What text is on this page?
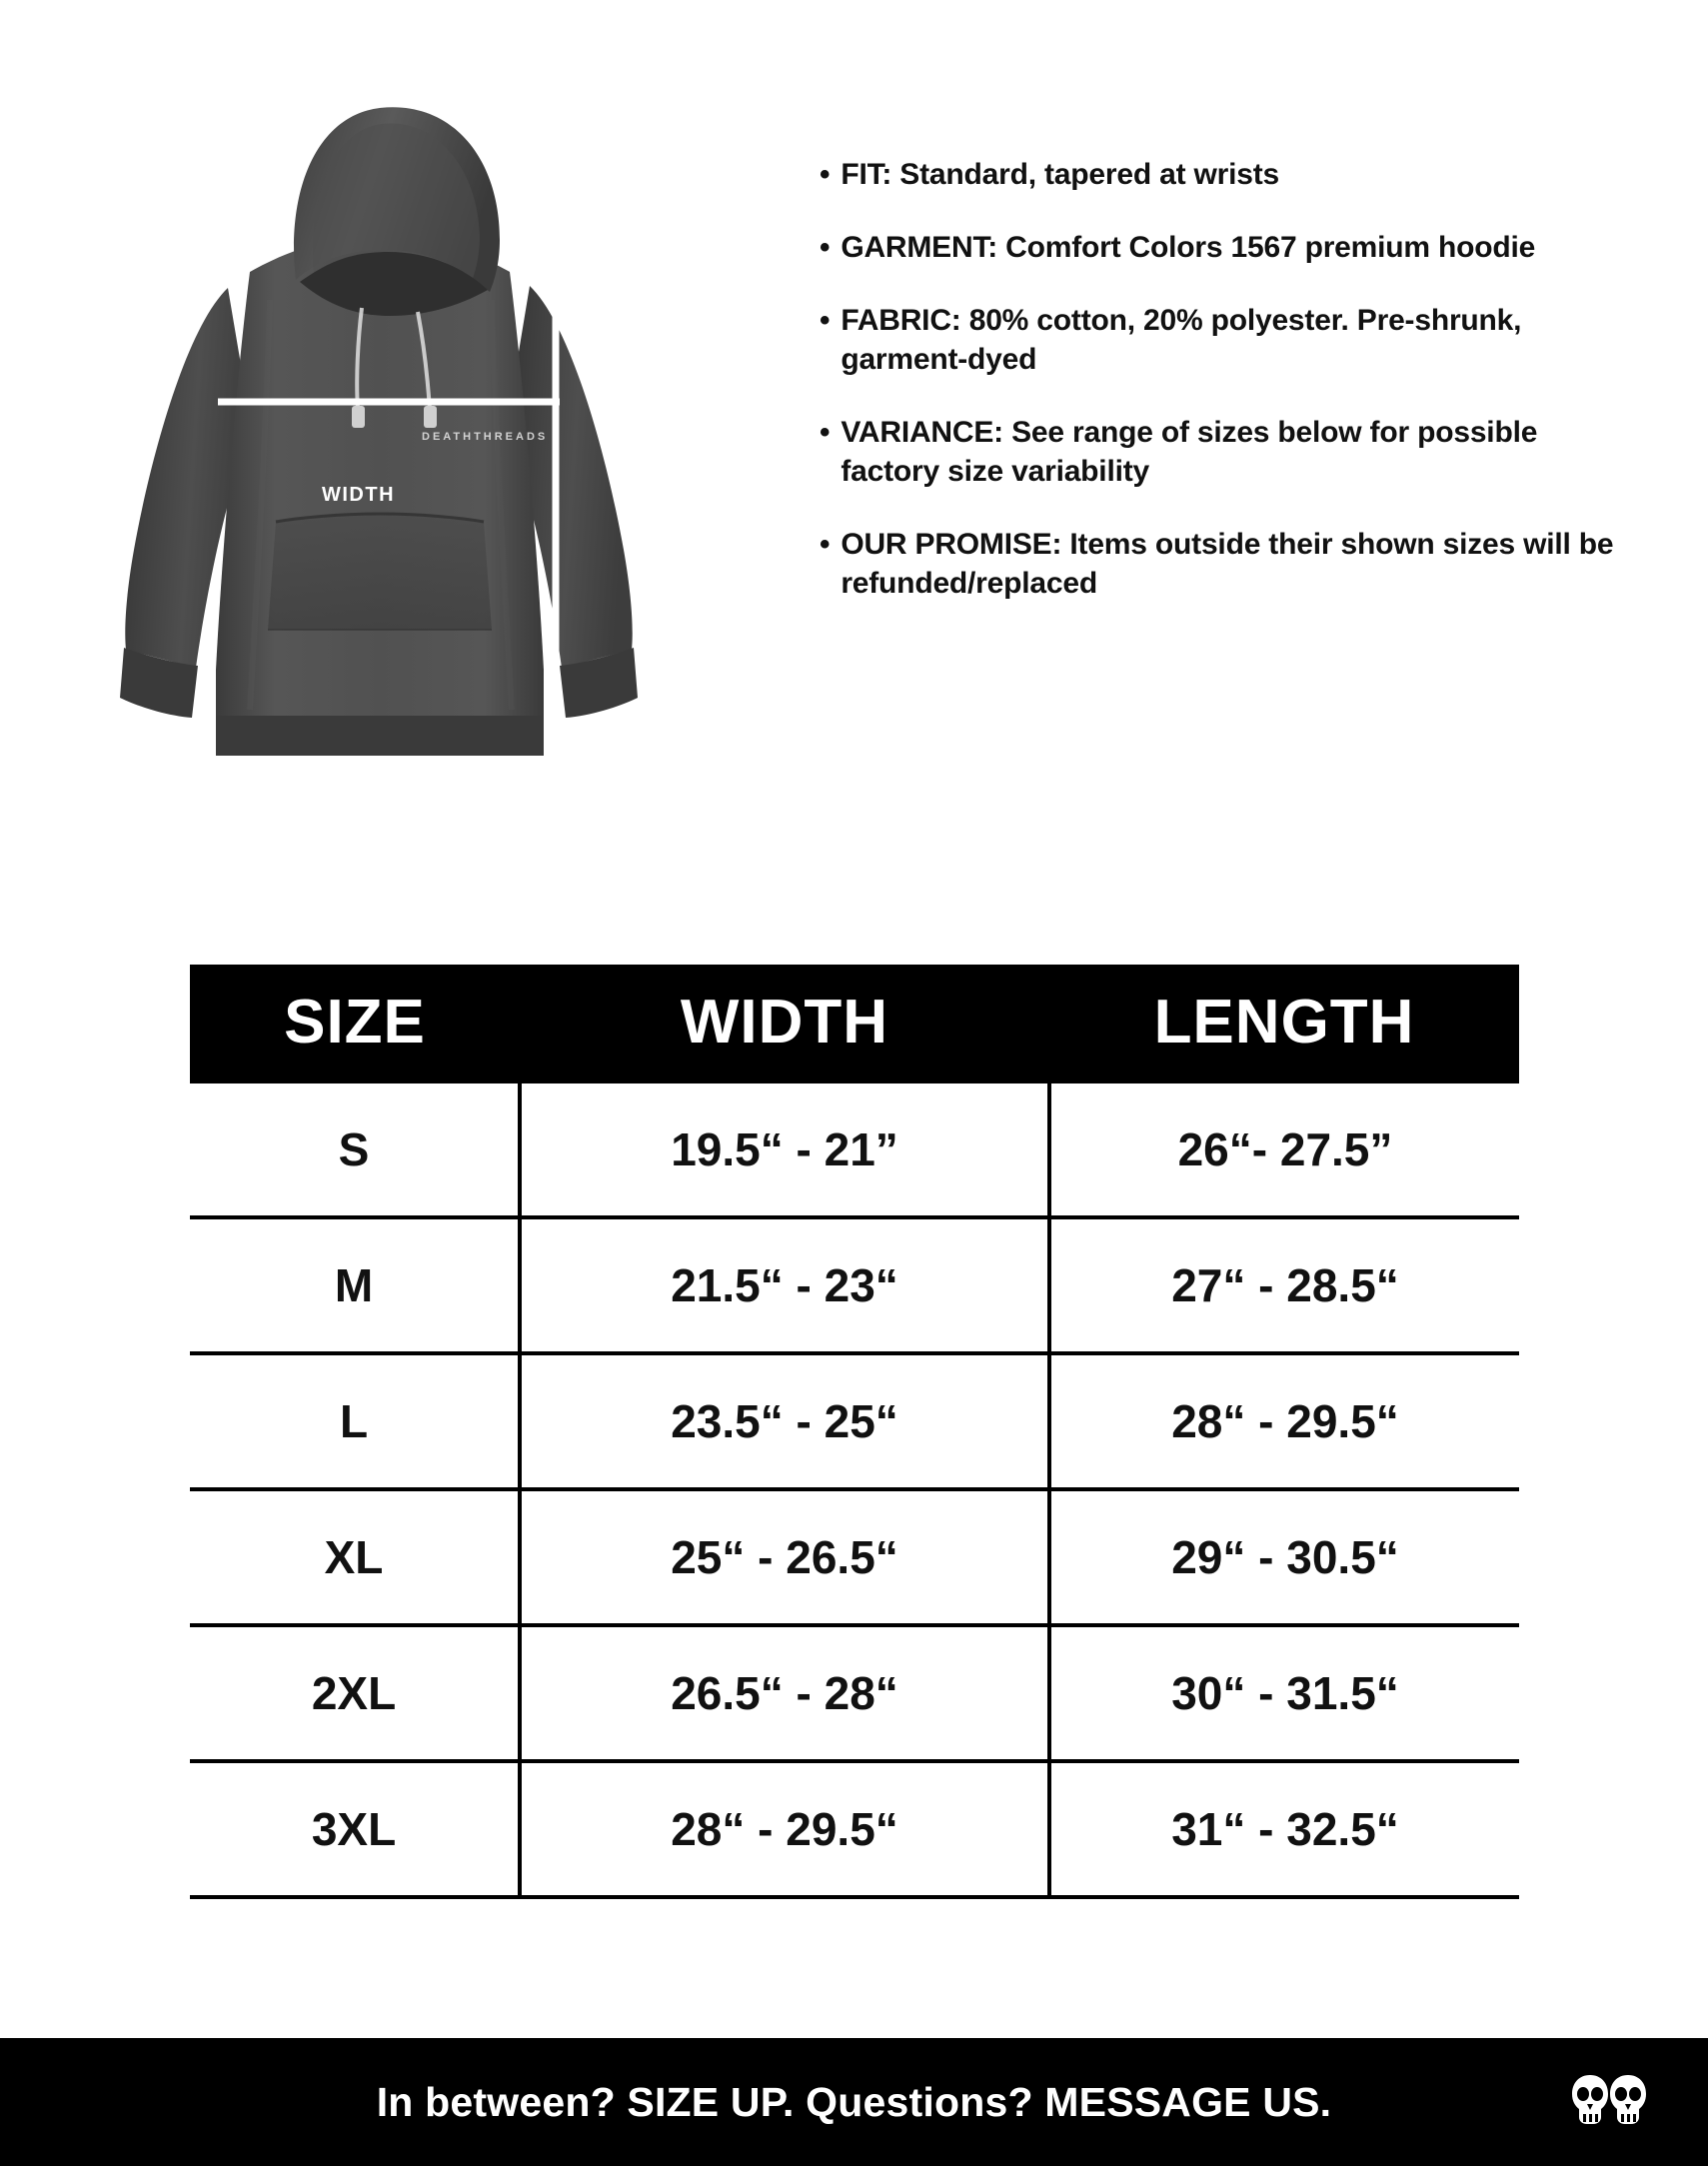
WIDTH
LENGTH
DEATHTHREADS
• FIT: Standard, tapered at wrists
• GARMENT: Comfort Colors 1567 premium hoodie
• FABRIC: 80% cotton, 20% polyester. Pre-shrunk, garment-dyed
• VARIANCE: See range of sizes below for possible factory size variability
• OUR PROMISE: Items outside their shown sizes will be refunded/replaced
SIZE	WIDTH	LENGTH
S	19.5“ - 21”	26“- 27.5”
M	21.5“ - 23“	27“ - 28.5“
L	23.5“ - 25“	28“ - 29.5“
XL	25“ - 26.5“	29“ - 30.5“
2XL	26.5“ - 28“	30“ - 31.5“
3XL	28“ - 29.5“	31“ - 32.5“
In between? SIZE UP. Questions? MESSAGE US.
